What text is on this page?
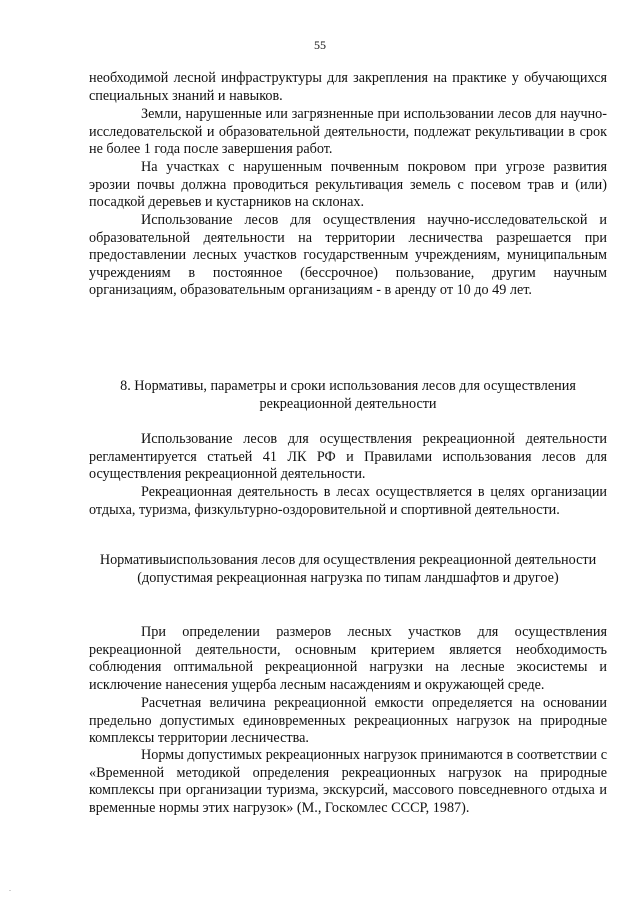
55

необходимой лесной инфраструктуры для закрепления на практике у обучающихся специальных знаний и навыков.

Земли, нарушенные или загрязненные при использовании лесов для научно-исследовательской и образовательной деятельности, подлежат рекультивации в срок не более 1 года после завершения работ.

На участках с нарушенным почвенным покровом при угрозе развития эрозии почвы должна проводиться рекультивация земель с посевом трав и (или) посадкой деревьев и кустарников на склонах.

Использование лесов для осуществления научно-исследовательской и образовательной деятельности на территории лесничества разрешается при предоставлении лесных участков государственным учреждениям, муниципальным учреждениям в постоянное (бессрочное) пользование, другим научным организациям, образовательным организациям - в аренду от 10 до 49 лет.

8. Нормативы, параметры и сроки использования лесов для осуществления рекреационной деятельности

Использование лесов для осуществления рекреационной деятельности регламентируется статьей 41 ЛК РФ и Правилами использования лесов для осуществления рекреационной деятельности.

Рекреационная деятельность в лесах осуществляется в целях организации отдыха, туризма, физкультурно-оздоровительной и спортивной деятельности.

Нормативыиспользования лесов для осуществления рекреационной деятельности (допустимая рекреационная нагрузка по типам ландшафтов и другое)

При определении размеров лесных участков для осуществления рекреационной деятельности, основным критерием является необходимость соблюдения оптимальной рекреационной нагрузки на лесные экосистемы и исключение нанесения ущерба лесным насаждениям и окружающей среде.

Расчетная величина рекреационной емкости определяется на основании предельно допустимых единовременных рекреационных нагрузок на природные комплексы территории лесничества.

Нормы допустимых рекреационных нагрузок принимаются в соответствии с «Временной методикой определения рекреационных нагрузок на природные комплексы при организации туризма, экскурсий, массового повседневного отдыха и временные нормы этих нагрузок» (М., Госкомлес СССР, 1987).

.
